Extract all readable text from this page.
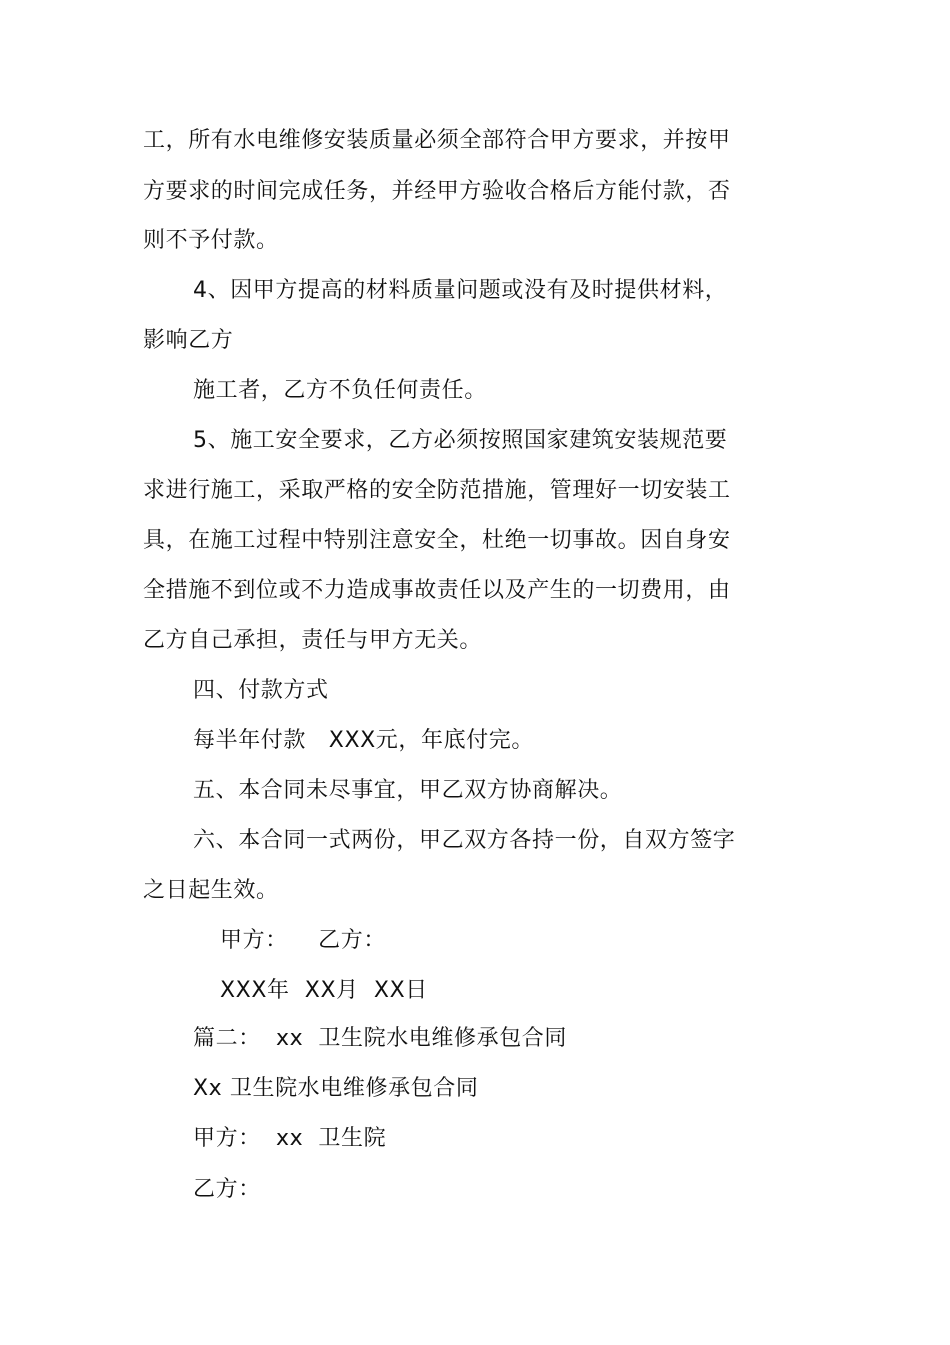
工，所有水电维修安装质量必须全部符合甲方要求，并按甲
方要求的时间完成任务，并经甲方验收合格后方能付款，否
则不予付款。
4、因甲方提高的材料质量问题或没有及时提供材料，
影响乙方
施工者，乙方不负任何责任。
5、施工安全要求，乙方必须按照国家建筑安装规范要
求进行施工，采取严格的安全防范措施，管理好一切安装工
具，在施工过程中特别注意安全，杜绝一切事故。因自身安
全措施不到位或不力造成事故责任以及产生的一切费用，由
乙方自己承担，责任与甲方无关。
四、付款方式
每半年付款   XXX元，年底付完。
五、本合同未尽事宜，甲乙双方协商解决。
六、本合同一式两份，甲乙双方各持一份，自双方签字
之日起生效。
甲方：    乙方：
XXX年  XX月  XX日
篇二：  xx  卫生院水电维修承包合同
Xx 卫生院水电维修承包合同
甲方：  xx  卫生院
乙方：
